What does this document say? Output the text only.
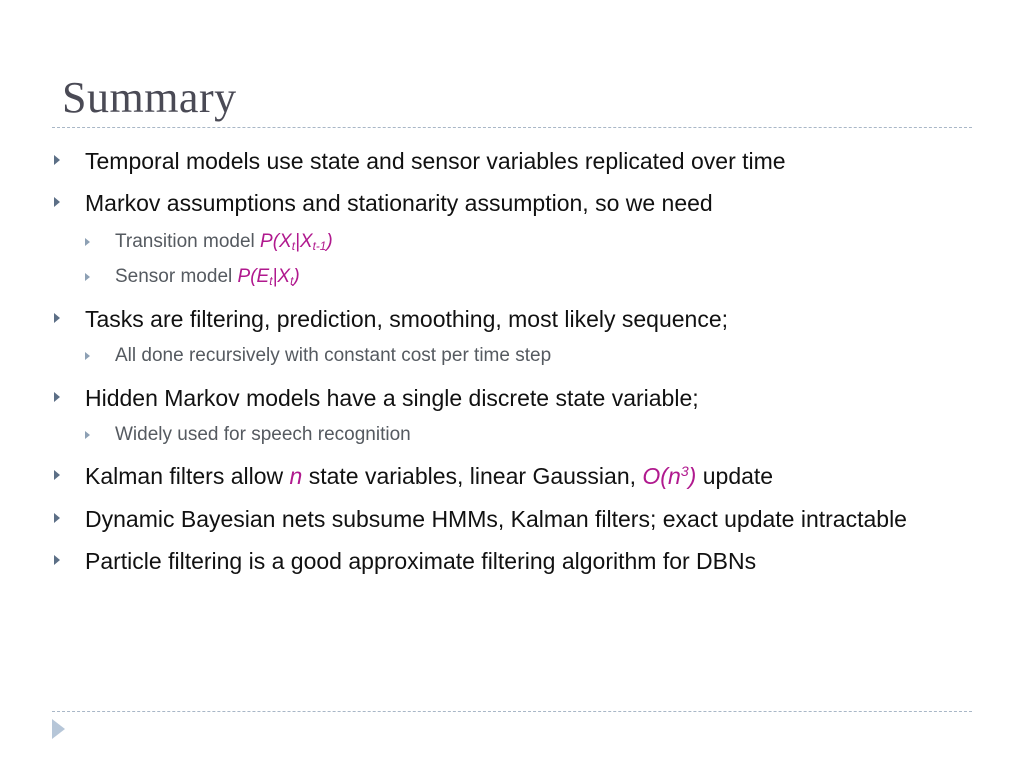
Summary
Temporal models use state and sensor variables replicated over time
Markov assumptions and stationarity assumption, so we need
Transition model $P(X_t|X_{t-1})$
Sensor model $P(E_t|X_t)$
Tasks are filtering, prediction, smoothing, most likely sequence;
All done recursively with constant cost per time step
Hidden Markov models have a single discrete state variable;
Widely used for speech recognition
Kalman filters allow n state variables, linear Gaussian, $O(n^3)$ update
Dynamic Bayesian nets subsume HMMs, Kalman filters; exact update intractable
Particle filtering is a good approximate filtering algorithm for DBNs
